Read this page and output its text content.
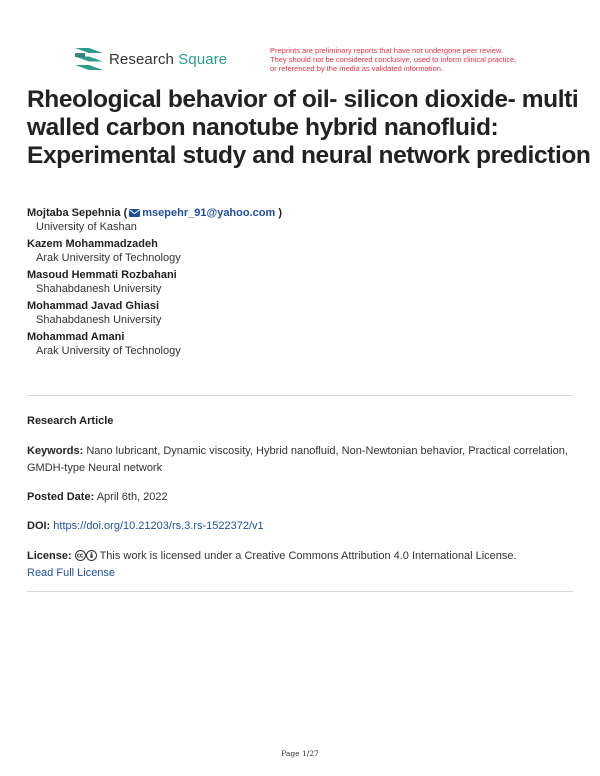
Research Square	Preprints are preliminary reports that have not undergone peer review.
They should not be considered conclusive, used to inform clinical practice,
or referenced by the media as validated information.
Rheological behavior of oil- silicon dioxide- multi
walled carbon nanotube hybrid nanofluid:
Experimental study and neural network prediction
Mojtaba Sepehnia ( msepehr_91@yahoo.com )
University of Kashan
Kazem Mohammadzadeh
Arak University of Technology
Masoud Hemmati Rozbahani
Shahabdanesh University
Mohammad Javad Ghiasi
Shahabdanesh University
Mohammad Amani
Arak University of Technology
Research Article
Keywords: Nano lubricant, Dynamic viscosity, Hybrid nanofluid, Non-Newtonian behavior, Practical correlation, GMDH-type Neural network
Posted Date: April 6th, 2022
DOI: https://doi.org/10.21203/rs.3.rs-1522372/v1
License:	This work is licensed under a Creative Commons Attribution 4.0 International License.
Read Full License
Page 1/27
